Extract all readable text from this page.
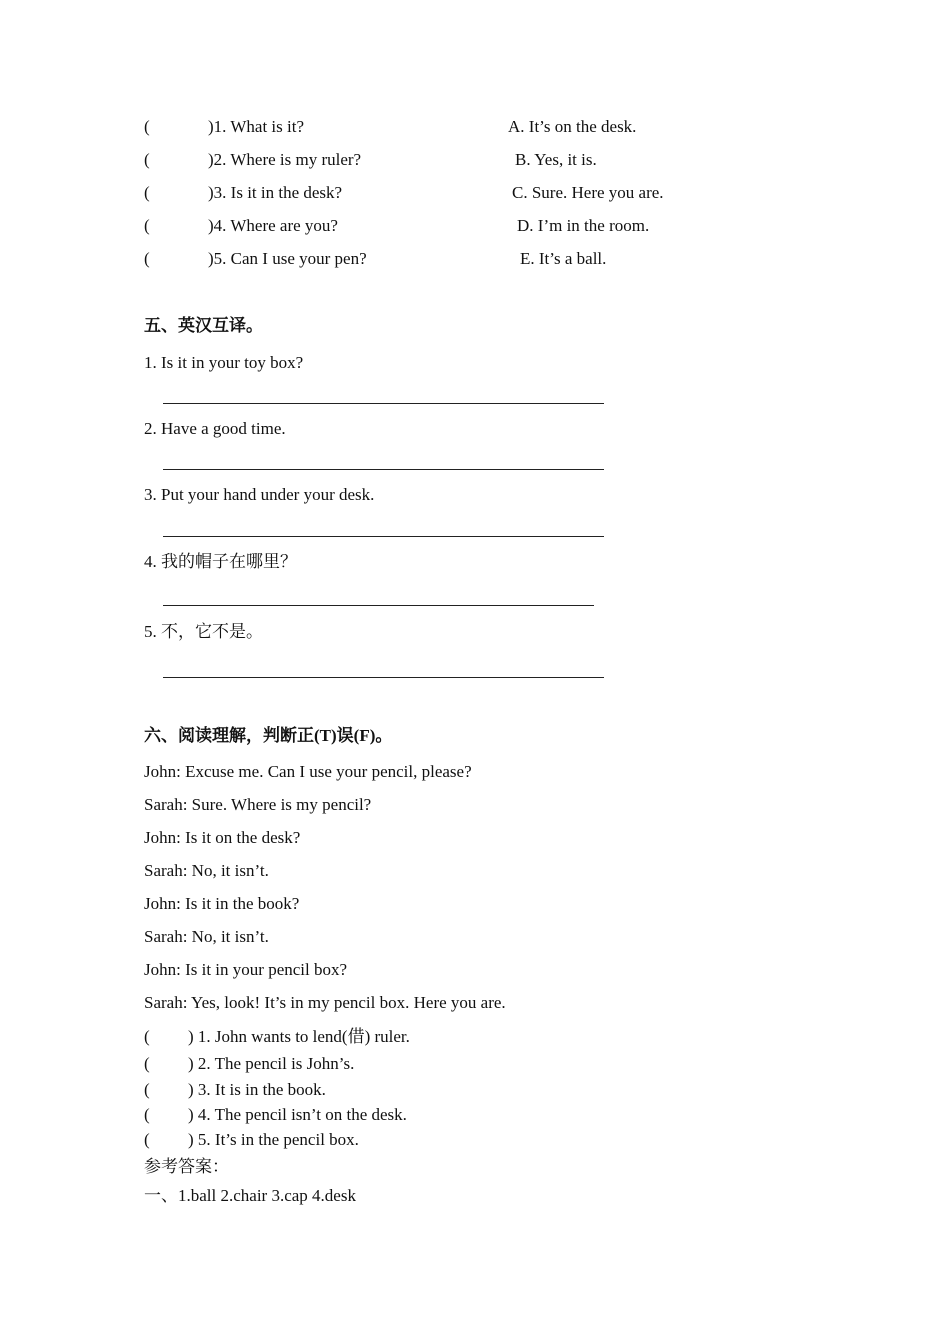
(	)1. What is it?	A. It’s on the desk.
(	)2. Where is my ruler?	B. Yes, it is.
(	)3. Is it in the desk?	C. Sure. Here you are.
(	)4. Where are you?	D. I’m in the room.
(	)5. Can I use your pen?	E. It’s a ball.
五、英汉互译。
1. Is it in your toy box?
2. Have a good time.
3. Put your hand under your desk.
4. 我的帽子在哪里？
5. 不，它不是。
六、阅读理解，判断正(T)误(F)。
John: Excuse me. Can I use your pencil, please?
Sarah: Sure. Where is my pencil?
John: Is it on the desk?
Sarah: No, it isn’t.
John: Is it in the book?
Sarah: No, it isn’t.
John: Is it in your pencil box?
Sarah: Yes, look! It’s in my pencil box. Here you are.
( ) 1. John wants to lend(借) ruler.
( ) 2. The pencil is John’s.
( ) 3. It is in the book.
( ) 4. The pencil isn’t on the desk.
( ) 5. It’s in the pencil box.
参考答案：
一、1.ball 2.chair 3.cap 4.desk
